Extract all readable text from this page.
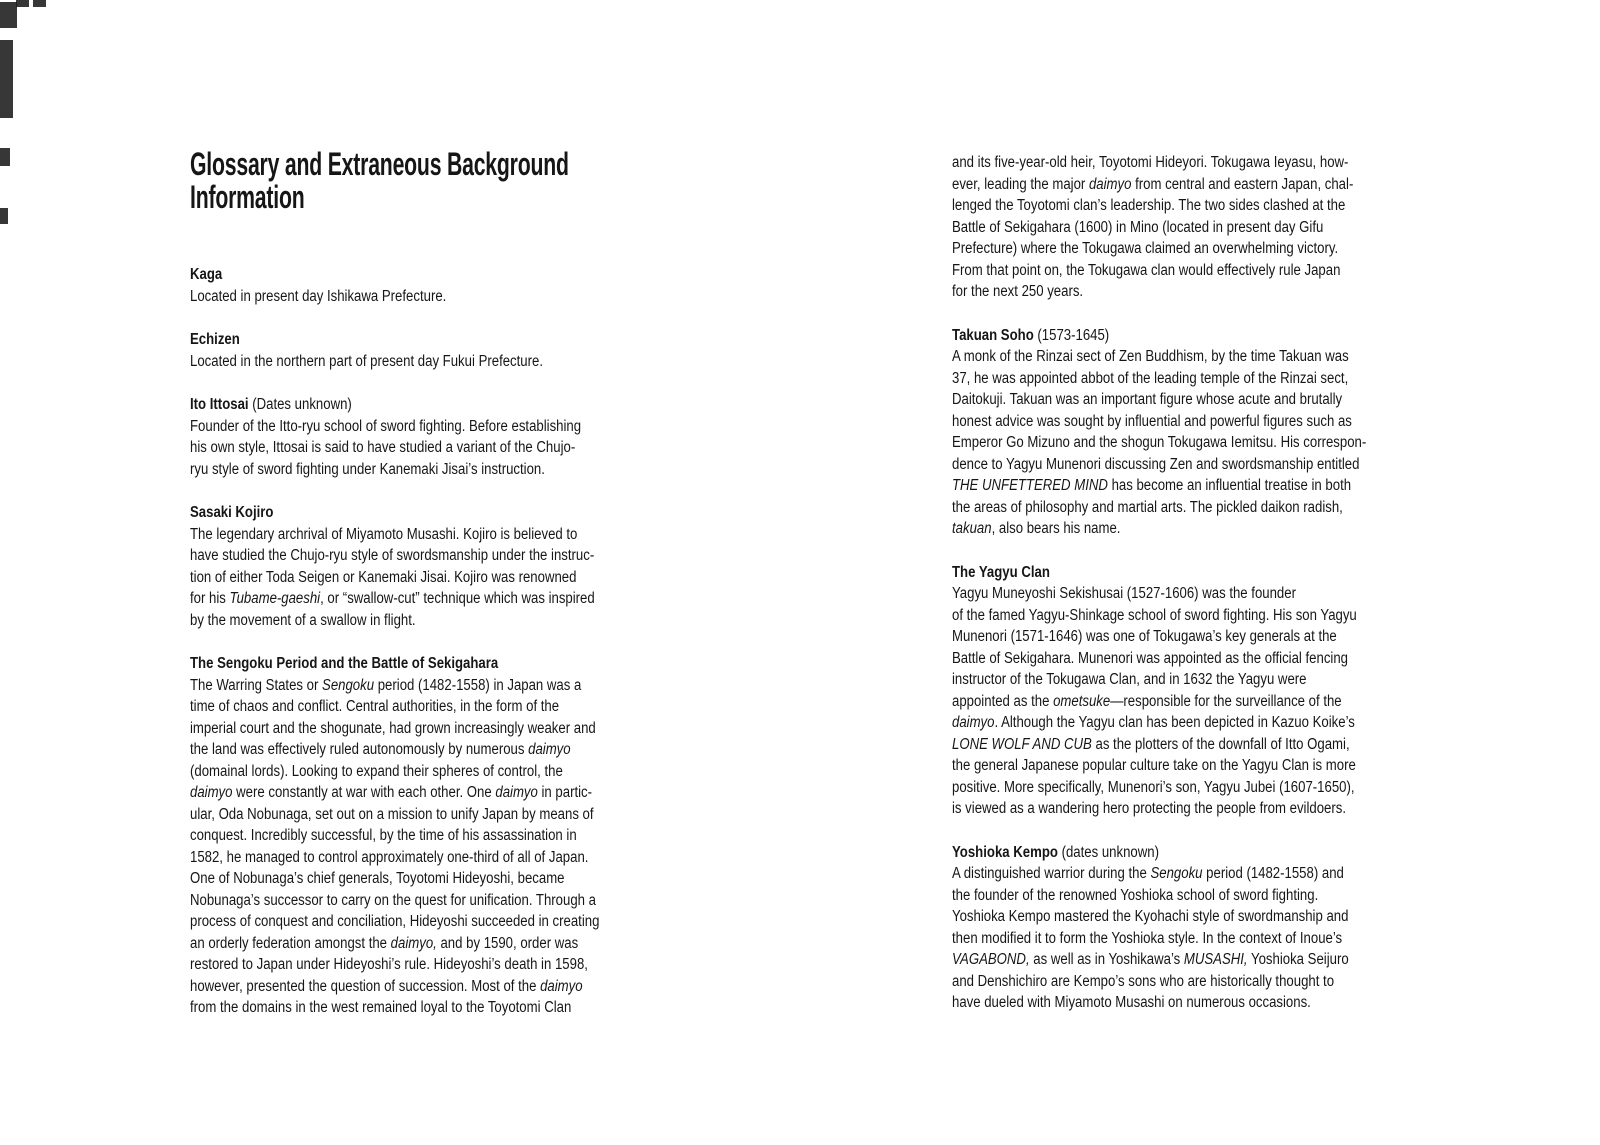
Glossary and Extraneous Background
Information
Kaga
Located in present day Ishikawa Prefecture.
Echizen
Located in the northern part of present day Fukui Prefecture.
Ito Ittosai (Dates unknown)
Founder of the Itto-ryu school of sword fighting. Before establishing
his own style, Ittosai is said to have studied a variant of the Chujo-
ryu style of sword fighting under Kanemaki Jisai’s instruction.
Sasaki Kojiro
The legendary archrival of Miyamoto Musashi. Kojiro is believed to
have studied the Chujo-ryu style of swordsmanship under the instruc-
tion of either Toda Seigen or Kanemaki Jisai. Kojiro was renowned
for his Tubame-gaeshi, or “swallow-cut” technique which was inspired
by the movement of a swallow in flight.
The Sengoku Period and the Battle of Sekigahara
The Warring States or Sengoku period (1482-1558) in Japan was a
time of chaos and conflict. Central authorities, in the form of the
imperial court and the shogunate, had grown increasingly weaker and
the land was effectively ruled autonomously by numerous daimyo
(domainal lords). Looking to expand their spheres of control, the
daimyo were constantly at war with each other. One daimyo in partic-
ular, Oda Nobunaga, set out on a mission to unify Japan by means of
conquest. Incredibly successful, by the time of his assassination in
1582, he managed to control approximately one-third of all of Japan.
One of Nobunaga’s chief generals, Toyotomi Hideyoshi, became
Nobunaga’s successor to carry on the quest for unification. Through a
process of conquest and conciliation, Hideyoshi succeeded in creating
an orderly federation amongst the daimyo, and by 1590, order was
restored to Japan under Hideyoshi’s rule. Hideyoshi’s death in 1598,
however, presented the question of succession. Most of the daimyo
from the domains in the west remained loyal to the Toyotomi Clan
and its five-year-old heir, Toyotomi Hideyori. Tokugawa Ieyasu, how-
ever, leading the major daimyo from central and eastern Japan, chal-
lenged the Toyotomi clan’s leadership. The two sides clashed at the
Battle of Sekigahara (1600) in Mino (located in present day Gifu
Prefecture) where the Tokugawa claimed an overwhelming victory.
From that point on, the Tokugawa clan would effectively rule Japan
for the next 250 years.
Takuan Soho (1573-1645)
A monk of the Rinzai sect of Zen Buddhism, by the time Takuan was
37, he was appointed abbot of the leading temple of the Rinzai sect,
Daitokuji. Takuan was an important figure whose acute and brutally
honest advice was sought by influential and powerful figures such as
Emperor Go Mizuno and the shogun Tokugawa Iemitsu. His correspon-
dence to Yagyu Munenori discussing Zen and swordsmanship entitled
THE UNFETTERED MIND has become an influential treatise in both
the areas of philosophy and martial arts. The pickled daikon radish,
takuan, also bears his name.
The Yagyu Clan
Yagyu Muneyoshi Sekishusai (1527-1606) was the founder
of the famed Yagyu-Shinkage school of sword fighting. His son Yagyu
Munenori (1571-1646) was one of Tokugawa’s key generals at the
Battle of Sekigahara. Munenori was appointed as the official fencing
instructor of the Tokugawa Clan, and in 1632 the Yagyu were
appointed as the ometsuke—responsible for the surveillance of the
daimyo. Although the Yagyu clan has been depicted in Kazuo Koike’s
LONE WOLF AND CUB as the plotters of the downfall of Itto Ogami,
the general Japanese popular culture take on the Yagyu Clan is more
positive. More specifically, Munenori’s son, Yagyu Jubei (1607-1650),
is viewed as a wandering hero protecting the people from evildoers.
Yoshioka Kempo (dates unknown)
A distinguished warrior during the Sengoku period (1482-1558) and
the founder of the renowned Yoshioka school of sword fighting.
Yoshioka Kempo mastered the Kyohachi style of swordmanship and
then modified it to form the Yoshioka style. In the context of Inoue’s
VAGABOND, as well as in Yoshikawa’s MUSASHI, Yoshioka Seijuro
and Denshichiro are Kempo’s sons who are historically thought to
have dueled with Miyamoto Musashi on numerous occasions.
